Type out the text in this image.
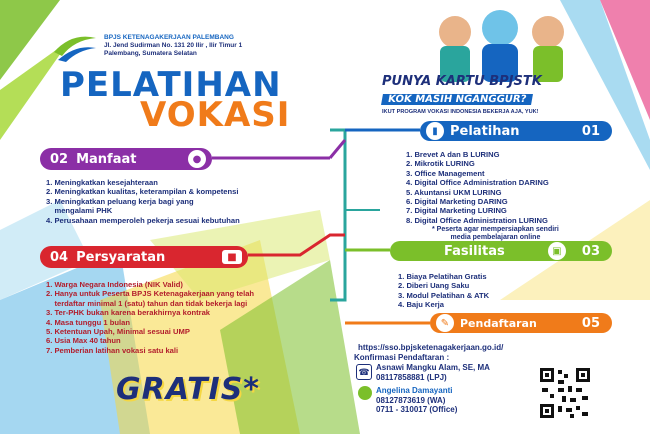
BPJS KETENAGAKERJAAN PALEMBANG
Jl. Jend Sudirman No. 131 20 Ilir , Ilir Timur 1
Palembang, Sumatera Selatan
PELATIHAN
VOKASI
PUNYA KARTU BPJSTK
KOK MASIH NGANGGUR?
IKUT PROGRAM VOKASI INDONESIA BEKERJA AJA, YUK!
02 Manfaat	●
1. Meningkatkan kesejahteraan
2. Meningkatkan kualitas, keterampilan & kompetensi
3. Meningkatkan peluang kerja bagi yang
mengalami PHK
4. Perusahaan memperoleh pekerja sesuai kebutuhan
04 Persyaratan	■
1. Warga Negara Indonesia (NIK Valid)
2. Hanya untuk Peserta BPJS Ketenagakerjaan yang telah
terdaftar minimal 1 (satu) tahun dan tidak bekerja lagi
3. Ter-PHK bukan karena berakhirnya kontrak
4. Masa tunggu 1 bulan
5. Ketentuan Upah, Minimal sesuai UMP
6. Usia Max 40 tahun
7. Pemberian latihan vokasi satu kali
GRATIS*
▮ Pelatihan	01
1. Brevet A dan B LURING
2. Mikrotik LURING
3. Office Management
4. Digital Office Administration DARING
5. Akuntansi UKM LURING
6. Digital Marketing DARING
7. Digital Marketing LURING
8. Digital Office Administration LURING
* Peserta agar mempersiapkan sendiri
media pembelajaran online
Fasilitas	▣	03
1. Biaya Pelatihan Gratis
2. Diberi Uang Saku
3. Modul Pelatihan & ATK
4. Baju Kerja
✎ Pendaftaran	05
https://sso.bpjsketenagakerjaan.go.id/
Konfirmasi Pendaftaran :
☎ Asnawi Mangku Alam, SE, MA
08117858881 (LPJ)
Angelina Damayanti
08127873619 (WA)
0711 - 310017 (Office)
